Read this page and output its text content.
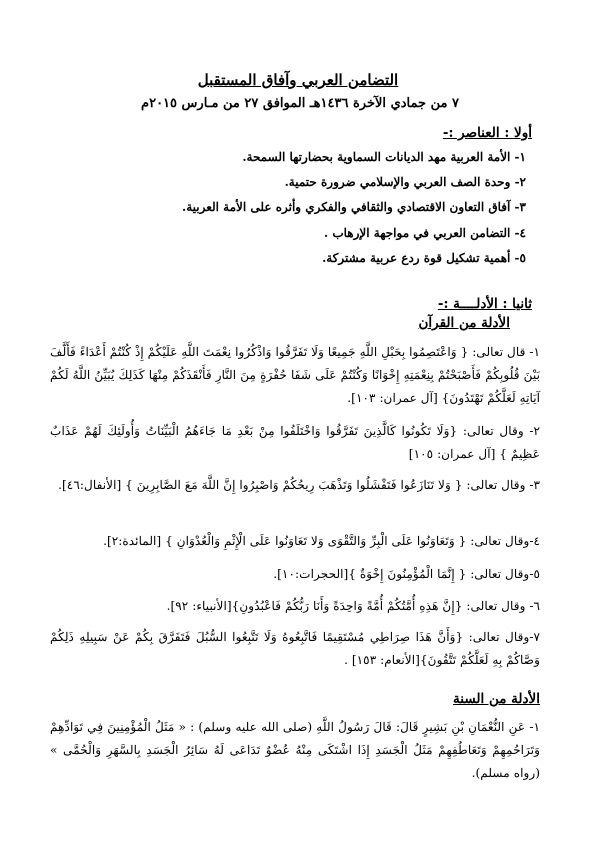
التضامن العربي وآفاق المستقبل
٧ من جمادي الآخرة ١٤٣٦هـ الموافق ٢٧ من مـارس ٢٠١٥م
أولا : العناصر :-
١- الأمة العربية مهد الديانات السماوية بحضارتها السمحة.
٢- وحدة الصف العربي والإسلامي ضرورة حتمية.
٣- آفاق التعاون الاقتصادي والثقافي والفكري وأثره على الأمة العربية.
٤- التضامن العربي في مواجهة الإرهاب .
٥- أهمية تشكيل قوة ردع عربية مشتركة.
ثانيا : الأدلــــة :-
الأدلة من القرآن
١- قال تعالى: { وَاعْتَصِمُوا بِحَبْلِ اللَّهِ جَمِيعًا وَلَا تَفَرَّقُوا وَاذْكُرُوا نِعْمَتَ اللَّهِ عَلَيْكُمْ إِذْ كُنْتُمْ أَعْدَاءً فَأَلَّفَ بَيْنَ قُلُوبِكُمْ فَأَصْبَحْتُمْ بِنِعْمَتِهِ إِخْوَانًا وَكُنْتُمْ عَلَى شَفَا حُفْرَةٍ مِنَ النَّارِ فَأَنْقَذَكُمْ مِنْهَا كَذَلِكَ يُبَيِّنُ اللَّهُ لَكُمْ آيَاتِهِ لَعَلَّكُمْ تَهْتَدُونَ} [آل عمران: ١٠٣].
٢- وقال تعالى: {وَلَا تَكُونُوا كَالَّذِينَ تَفَرَّقُوا وَاخْتَلَفُوا مِنْ بَعْدِ مَا جَاءَهُمُ الْبَيِّنَاتُ وَأُولَئِكَ لَهُمْ عَذَابٌ عَظِيمٌ } [آل عمران: ١٠٥]
٣- وقال تعالى: { وَلا تَنَازَعُوا فَتَفْشَلُوا وَتَذْهَبَ رِيحُكُمْ وَاصْبِرُوا إِنَّ اللَّهَ مَعَ الصَّابِرِينَ } [الأنفال:٤٦].
٤-وقال تعالى: { وَتَعَاوَنُوا عَلَى الْبِرِّ وَالتَّقْوَى وَلا تَعَاوَنُوا عَلَى الْإِثْمِ وَالْعُدْوَانِ } [المائدة:٢].
٥-وقال تعالى: { إِنَّمَا الْمُؤْمِنُونَ إِخْوَةٌ }[الحجرات:١٠].
٦- وقال تعالى: {إِنَّ هَذِهِ أُمَّتُكُمْ أُمَّةً وَاحِدَةً وَأَنَا رَبُّكُمْ فَاعْبُدُونِ}[الأنبياء: ٩٢].
٧-وقال تعالى: {وَأَنَّ هَذَا صِرَاطِي مُسْتَقِيمًا فَاتَّبِعُوهُ وَلَا تَتَّبِعُوا السُّبُلَ فَتَفَرَّقَ بِكُمْ عَنْ سَبِيلِهِ ذَلِكُمْ وَصَّاكُمْ بِهِ لَعَلَّكُمْ تَتَّقُونَ}[الأنعام: ١٥٣] .
الأدلة من السنة
١- عَنِ النُّعْمَانِ بْنِ بَشِيرٍ قَالَ: قَالَ رَسُولُ اللَّهِ (صلى الله عليه وسلم) : « مَثَلُ الْمُؤْمِنِينَ فِي تَوَادِّهِمْ وَتَرَاحُمِهِمْ وَتَعَاطُفِهِمْ مَثَلُ الْجَسَدِ إِذَا اشْتَكَى مِنْهُ عُضْوٌ تَدَاعَى لَهُ سَائِرُ الْجَسَدِ بِالسَّهَرِ وَالْحُمَّى » (رواه مسلم).
